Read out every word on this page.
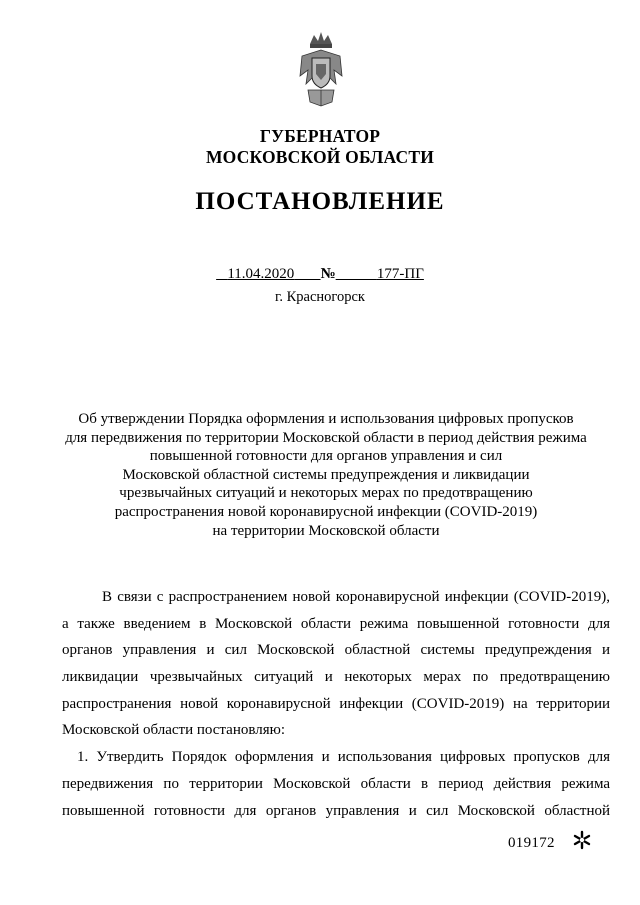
ГУБЕРНАТОР
МОСКОВСКОЙ ОБЛАСТИ
ПОСТАНОВЛЕНИЕ
11.04.2020 №	177-ПГ
г. Красногорск
Об утверждении Порядка оформления и использования цифровых пропусков
для передвижения по территории Московской области в период действия режима
повышенной готовности для органов управления и сил
Московской областной системы предупреждения и ликвидации
чрезвычайных ситуаций и некоторых мерах по предотвращению
распространения новой коронавирусной инфекции (COVID-2019)
на территории Московской области
В связи с распространением новой коронавирусной инфекции (COVID-2019),
а также введением в Московской области режима повышенной готовности для
органов управления и сил Московской областной системы предупреждения и
ликвидации чрезвычайных ситуаций и некоторых мерах по предотвращению
распространения новой коронавирусной инфекции (COVID-2019) на территории
Московской области постановляю:
1. Утвердить Порядок оформления и использования цифровых пропусков для
передвижения по территории Московской области в период действия режима
повышенной готовности для органов управления и сил Московской областной
019172
